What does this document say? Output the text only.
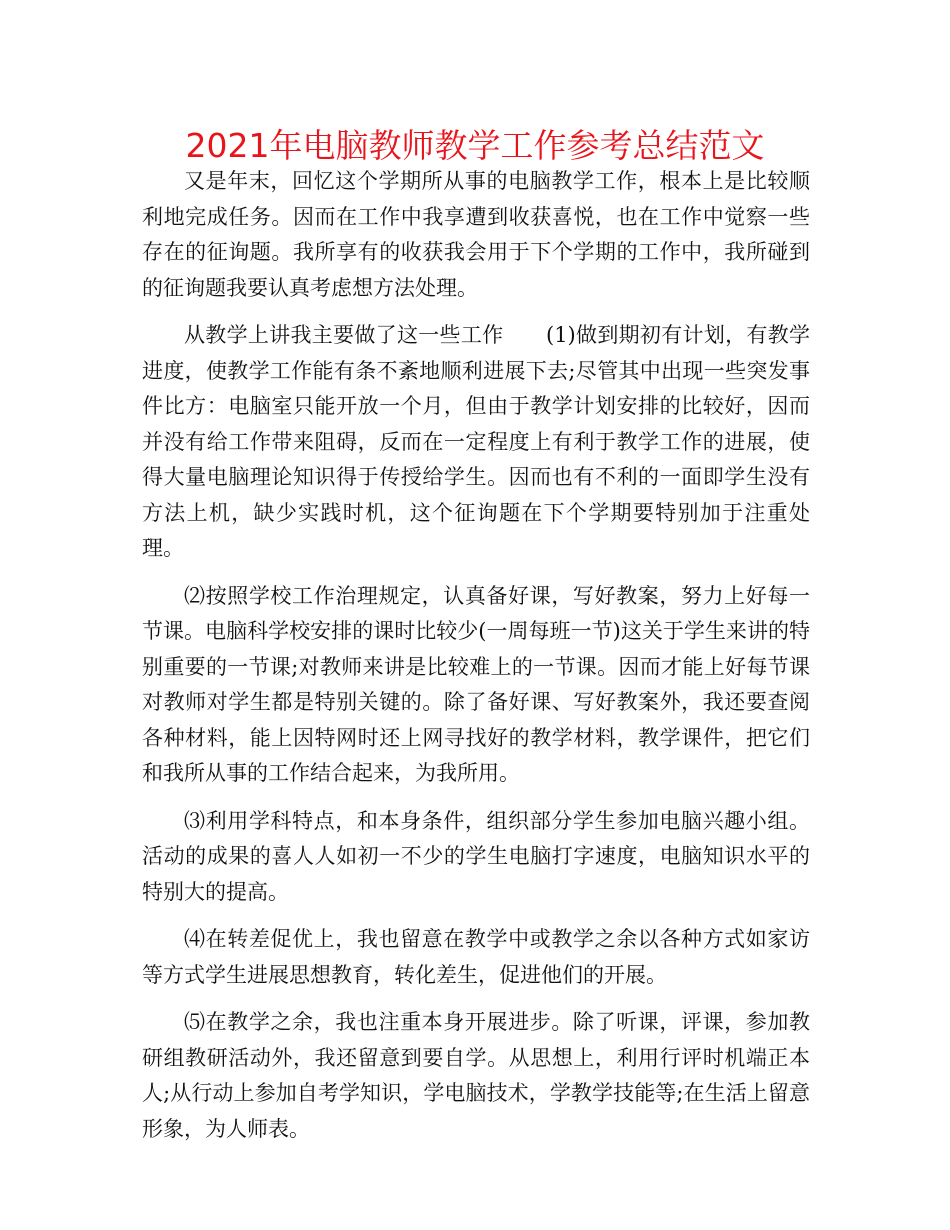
2021年电脑教师教学工作参考总结范文

又是年末，回忆这个学期所从事的电脑教学工作，根本上是比较顺利地完成任务。因而在工作中我享遭到收获喜悦，也在工作中觉察一些存在的征询题。我所享有的收获我会用于下个学期的工作中，我所碰到的征询题我要认真考虑想方法处理。

从教学上讲我主要做了这一些工作　　(1)做到期初有计划，有教学进度，使教学工作能有条不紊地顺利进展下去;尽管其中出现一些突发事件比方：电脑室只能开放一个月，但由于教学计划安排的比较好，因而并没有给工作带来阻碍，反而在一定程度上有利于教学工作的进展，使得大量电脑理论知识得于传授给学生。因而也有不利的一面即学生没有方法上机，缺少实践时机，这个征询题在下个学期要特别加于注重处理。

⑵按照学校工作治理规定，认真备好课，写好教案，努力上好每一节课。电脑科学校安排的课时比较少(一周每班一节)这关于学生来讲的特别重要的一节课;对教师来讲是比较难上的一节课。因而才能上好每节课对教师对学生都是特别关键的。除了备好课、写好教案外，我还要查阅各种材料，能上因特网时还上网寻找好的教学材料，教学课件，把它们和我所从事的工作结合起来，为我所用。

⑶利用学科特点，和本身条件，组织部分学生参加电脑兴趣小组。活动的成果的喜人人如初一不少的学生电脑打字速度，电脑知识水平的特别大的提高。

⑷在转差促优上，我也留意在教学中或教学之余以各种方式如家访等方式学生进展思想教育，转化差生，促进他们的开展。

⑸在教学之余，我也注重本身开展进步。除了听课，评课，参加教研组教研活动外，我还留意到要自学。从思想上，利用行评时机端正本人;从行动上参加自考学知识，学电脑技术，学教学技能等;在生活上留意形象，为人师表。
